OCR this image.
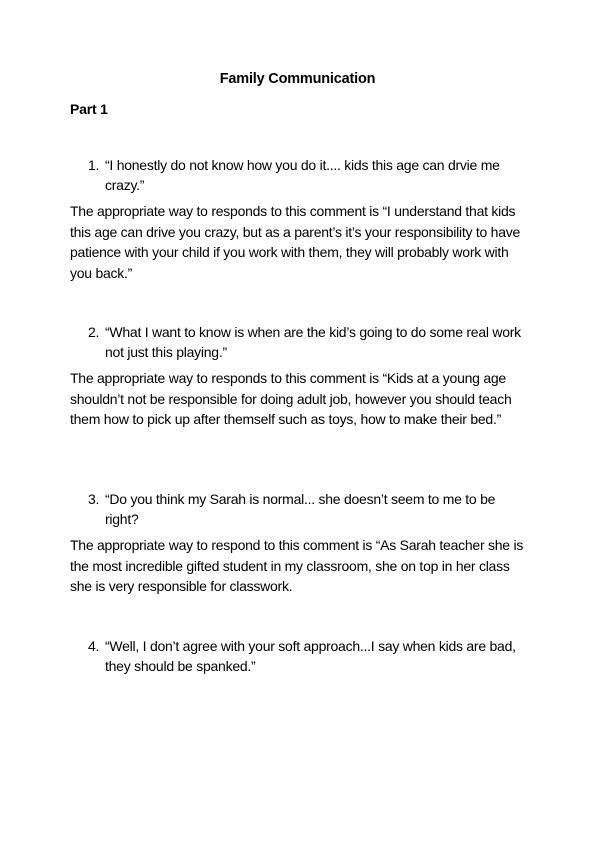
Family Communication
Part 1
1. “I honestly do not know how you do it.... kids this age can drvie me crazy.”
The appropriate way to responds to this comment is “I understand that kids this age can drive you crazy, but as a parent’s it’s your responsibility to have patience with your child if you work with them, they will probably work with you back.”
2. “What I want to know is when are the kid’s going to do some real work not just this playing.”
The appropriate way to responds to this comment is “Kids at a young age shouldn’t not be responsible for doing adult job, however you should teach them how to pick up after themself such as toys, how to make their bed.”
3. “Do you think my Sarah is normal... she doesn’t seem to me to be right?
The appropriate way to respond to this comment is “As Sarah teacher she is the most incredible gifted student in my classroom, she on top in her class she is very responsible for classwork.
4. “Well, I don’t agree with your soft approach...I say when kids are bad, they should be spanked.”
